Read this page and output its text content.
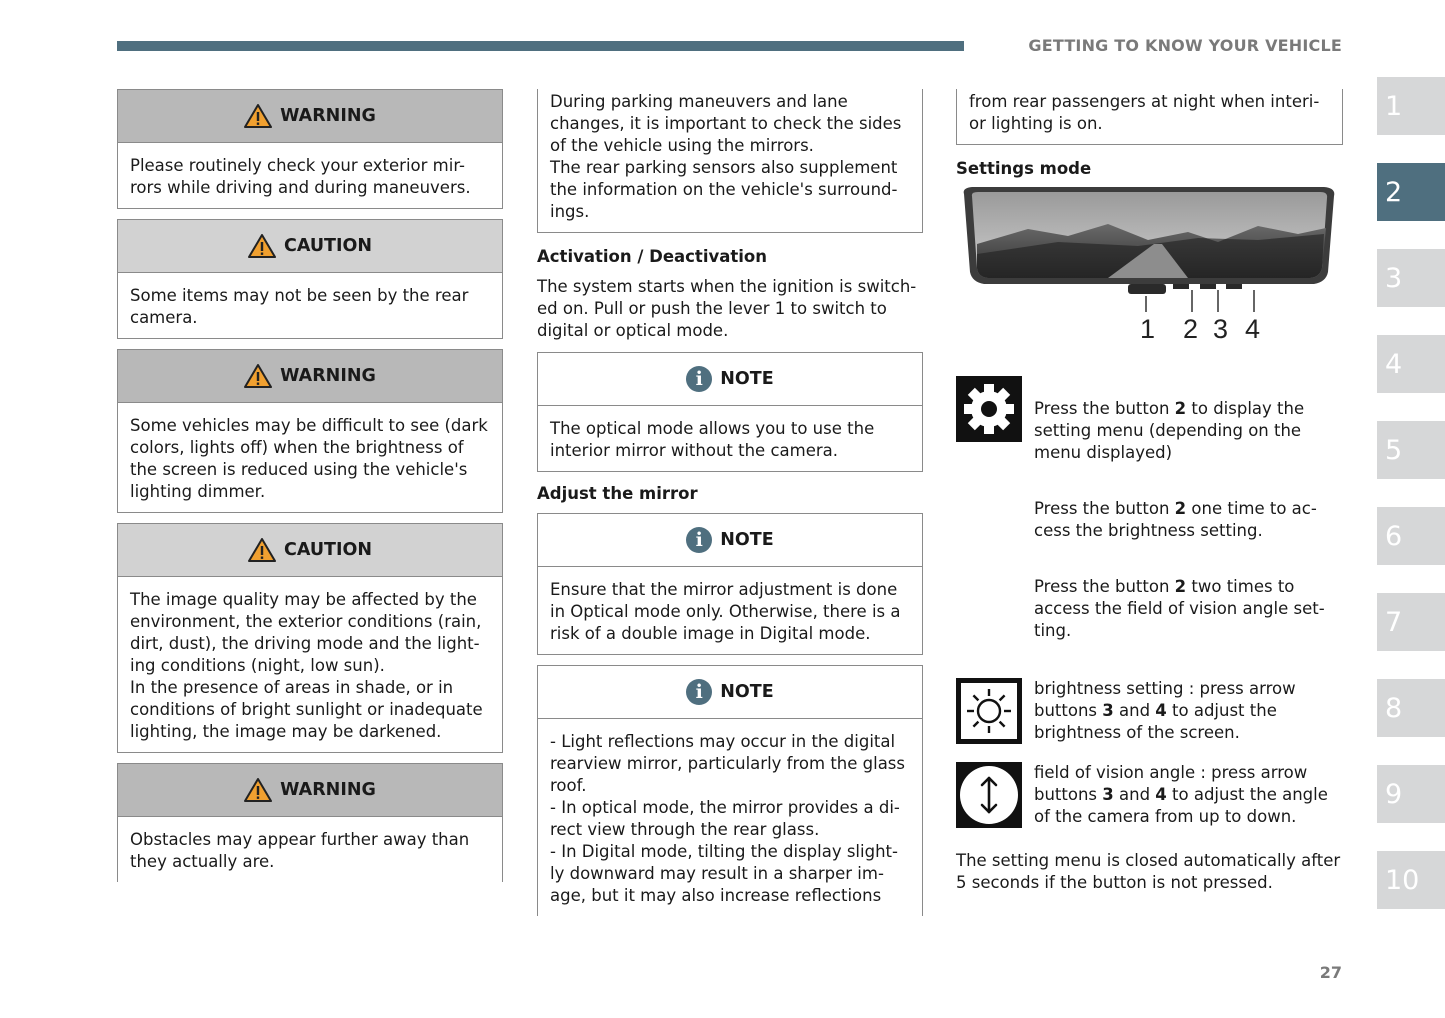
GETTING TO KNOW YOUR VEHICLE
1
2
3
4
5
6
7
8
9
10
WARNING
Please routinely check your exterior mir-
rors while driving and during maneuvers.
CAUTION
Some items may not be seen by the rear
camera.
WARNING
Some vehicles may be difficult to see (dark
colors, lights off) when the brightness of
the screen is reduced using the vehicle's
lighting dimmer.
CAUTION
The image quality may be affected by the
environment, the exterior conditions (rain,
dirt, dust), the driving mode and the light-
ing conditions (night, low sun).
In the presence of areas in shade, or in
conditions of bright sunlight or inadequate
lighting, the image may be darkened.
WARNING
Obstacles may appear further away than
they actually are.
During parking maneuvers and lane
changes, it is important to check the sides
of the vehicle using the mirrors.
The rear parking sensors also supplement
the information on the vehicle's surround-
ings.
Activation / Deactivation
The system starts when the ignition is switch-
ed on. Pull or push the lever 1 to switch to
digital or optical mode.
i NOTE
The optical mode allows you to use the
interior mirror without the camera.
Adjust the mirror
i NOTE
Ensure that the mirror adjustment is done
in Optical mode only. Otherwise, there is a
risk of a double image in Digital mode.
i NOTE
- Light reflections may occur in the digital
rearview mirror, particularly from the glass
roof.
- In optical mode, the mirror provides a di-
rect view through the rear glass.
- In Digital mode, tilting the display slight-
ly downward may result in a sharper im-
age, but it may also increase reflections
from rear passengers at night when interi-
or lighting is on.
Settings mode
1 2 3 4

Press the button 2 to display the
setting menu (depending on the
menu displayed)

Press the button 2 one time to ac-
cess the brightness setting.

Press the button 2 two times to
access the field of vision angle set-
ting.

brightness setting : press arrow
buttons 3 and 4 to adjust the
brightness of the screen.
field of vision angle : press arrow
buttons 3 and 4 to adjust the angle
of the camera from up to down.
The setting menu is closed automatically after
5 seconds if the button is not pressed.
27
